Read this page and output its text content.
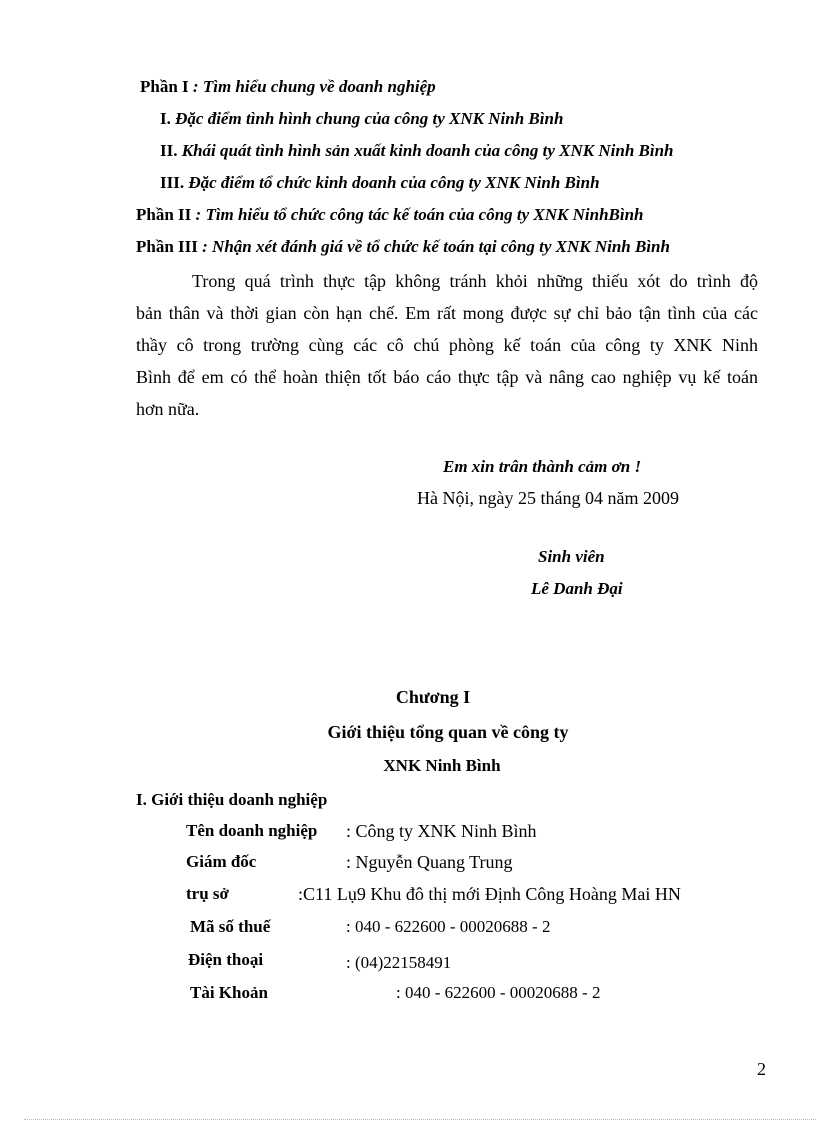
Phần I : Tìm hiểu chung về doanh nghiệp
I. Đặc điểm tình hình chung của công ty XNK Ninh Bình
II. Khái quát tình hình sản xuất kinh doanh của công ty XNK Ninh Bình
III. Đặc điểm tổ chức kinh doanh của công ty XNK Ninh Bình
Phần II : Tìm hiểu tổ chức công tác kế toán của công ty XNK NinhBình
Phần III : Nhận xét đánh giá về tổ chức kế toán tại công ty XNK Ninh Bình
Trong quá trình thực tập không tránh khỏi những thiếu xót do trình độ
bản thân và thời gian còn hạn chế. Em rất mong được sự chỉ bảo tận tình của các
thầy cô trong trường cùng các cô chú phòng kế toán của công ty XNK Ninh
Bình để em có thể hoàn thiện tốt báo cáo thực tập và nâng cao nghiệp vụ kế toán
hơn nữa.
Em xin trân thành cảm ơn !
Hà Nội, ngày 25 tháng 04 năm 2009
Sinh viên
Lê Danh Đại
Chương I
Giới thiệu tổng quan về công ty
XNK Ninh Bình
I. Giới thiệu doanh nghiệp
Tên doanh nghiệp : Công ty XNK Ninh Bình
Giám đốc	: Nguyễn Quang Trung
trụ sở	:C11 Lụ9 Khu đô thị mới Định Công Hoàng Mai HN
Mã số thuế	: 040 - 622600 - 00020688 - 2
Điện thoại	: (04)22158491
Tài Khoản	: 040 - 622600 - 00020688 - 2
2
